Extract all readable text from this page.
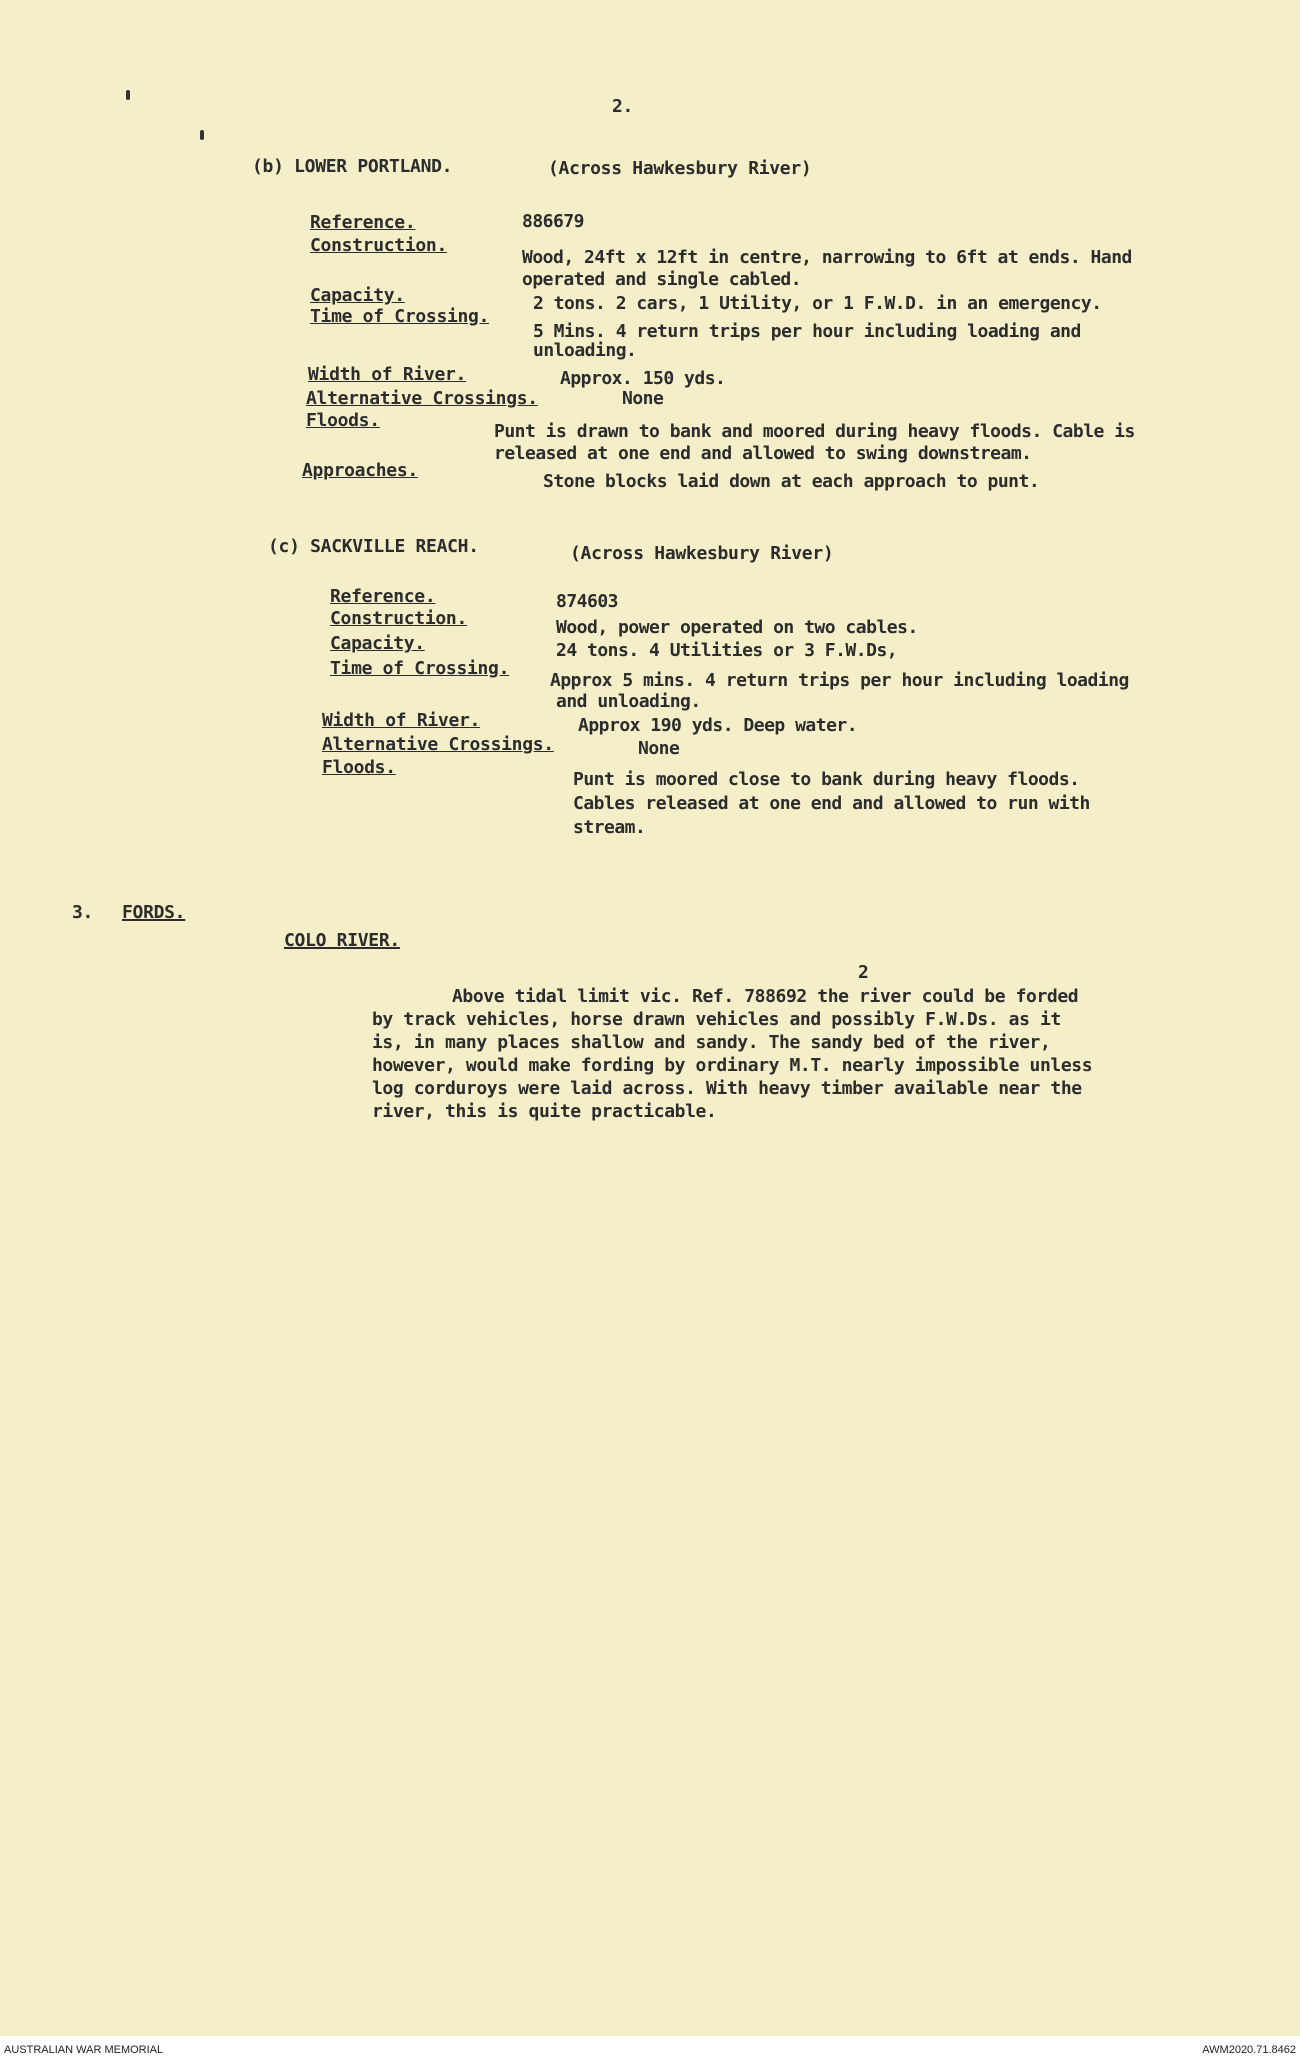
2.
(b) LOWER PORTLAND.	(Across Hawkesbury River)
Reference.	886679
Construction.
Wood, 24ft x 12ft in centre, narrowing to 6ft at ends. Hand
operated and single cabled.
Capacity.	2 tons. 2 cars, 1 Utility, or 1 F.W.D. in an emergency.
Time of Crossing.
5 Mins. 4 return trips per hour including loading and
unloading.
Width of River.	Approx. 150 yds.
Alternative Crossings.	None
Floods.
Punt is drawn to bank and moored during heavy floods. Cable is
released at one end and allowed to swing downstream.
Approaches.
Stone blocks laid down at each approach to punt.
(c) SACKVILLE REACH.	(Across Hawkesbury River)
Reference.	874603
Construction.	Wood, power operated on two cables.
Capacity.	24 tons. 4 Utilities or 3 F.W.Ds,
Time of Crossing.
Approx 5 mins. 4 return trips per hour including loading
and unloading.
Width of River.	Approx 190 yds. Deep water.
Alternative Crossings.	None
Floods.
Punt is moored close to bank during heavy floods.
Cables released at one end and allowed to run with
stream.
3. FORDS.
COLO RIVER.
2
Above tidal limit vic. Ref. 788692 the river could be forded
by track vehicles, horse drawn vehicles and possibly F.W.Ds. as it
is, in many places shallow and sandy. The sandy bed of the river,
however, would make fording by ordinary M.T. nearly impossible unless
log corduroys were laid across. With heavy timber available near the
river, this is quite practicable.
AUSTRALIAN WAR MEMORIAL	AWM2020.71.8462
